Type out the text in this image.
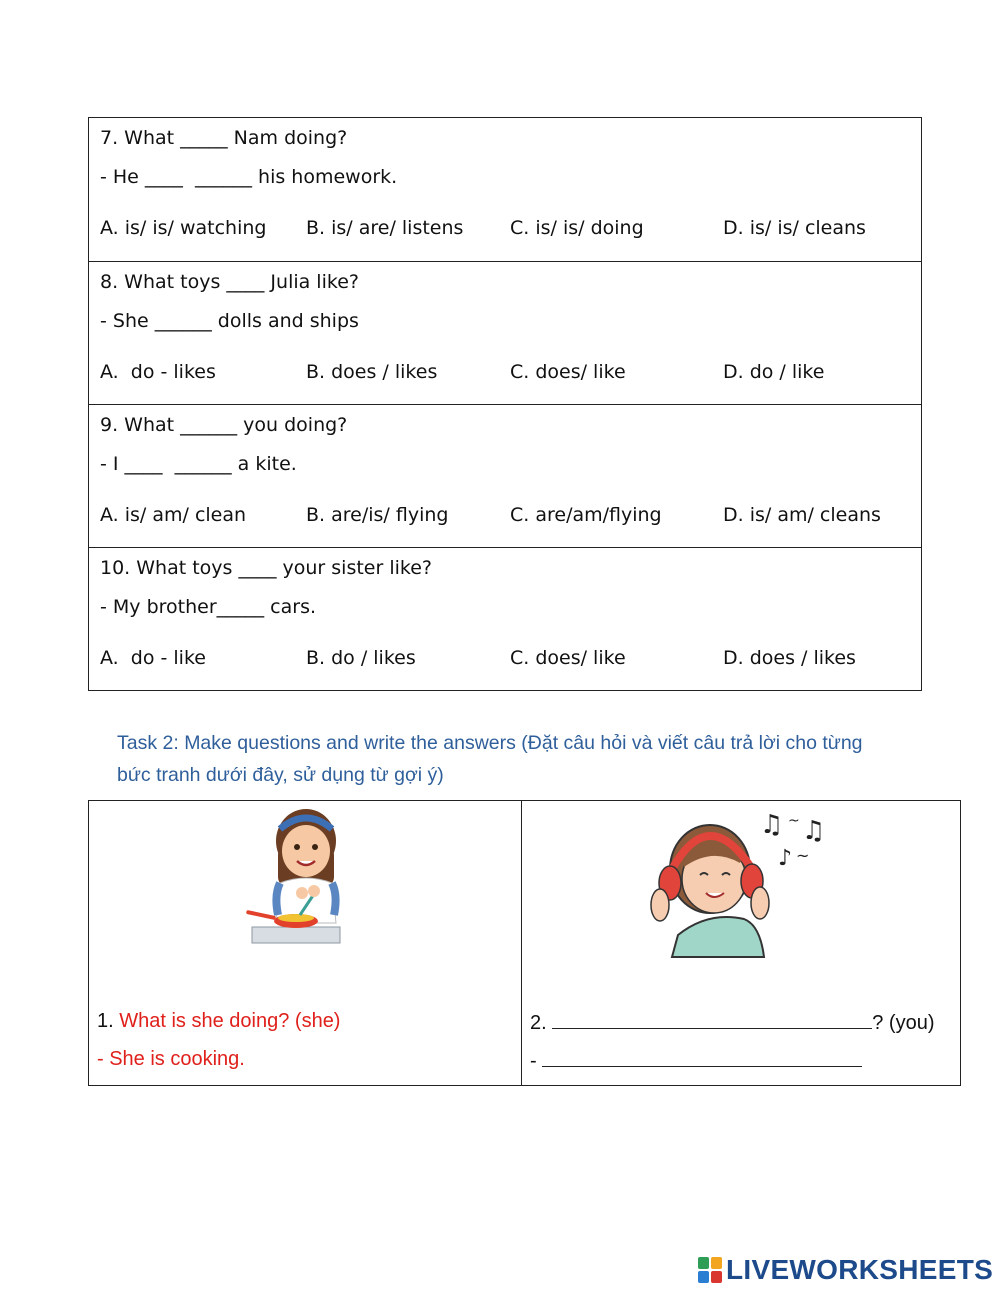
7. What _____ Nam doing?
- He ____  ______ his homework.
A. is/ is/ watching B. is/ are/ listens C. is/ is/ doing	D. is/ is/ cleans
8. What toys ____ Julia like?
- She ______ dolls and ships
A.  do - likes	B. does / likes	C. does/ like	D. do / like
9. What ______ you doing?
- I ____  ______ a kite.
A. is/ am/ clean	B. are/is/ flying	C. are/am/flying	D. is/ am/ cleans
10. What toys ____ your sister like?
- My brother_____ cars.
A.  do - like	B. do / likes	C. does/ like	D. does / likes
Task 2: Make questions and write the answers (Đặt câu hỏi và viết câu trả lời cho từng bức tranh dưới đây, sử dụng từ gợi ý)
1. What is she doing? (she)
- She is cooking.
♫ ~ ♫
♪ ~
2.	? (you)
-
LIVEWORKSHEETS
